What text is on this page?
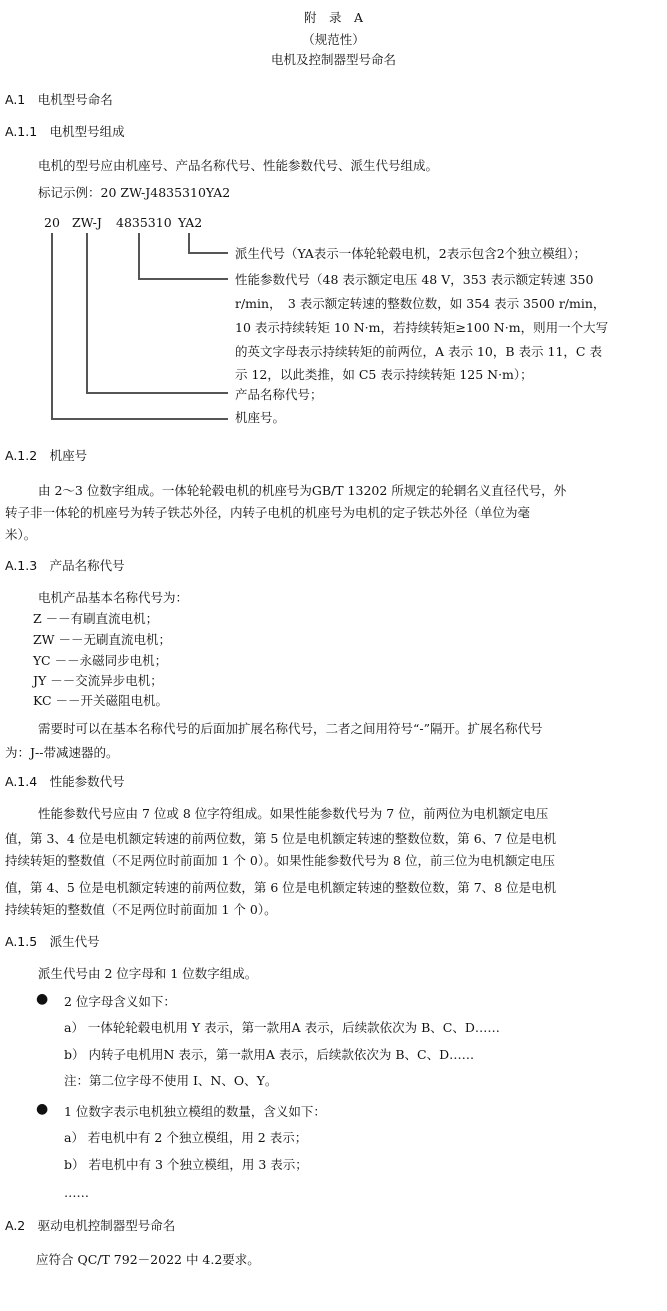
附　录　A
（规范性）
电机及控制器型号命名
A.1　电机型号命名
A.1.1　电机型号组成
电机的型号应由机座号、产品名称代号、性能参数代号、派生代号组成。
标记示例：20 ZW-J4835310YA2
20 ZW-J 4835310 YA2
派生代号（YA表示一体轮轮毂电机，2表示包含2个独立模组）；
性能参数代号（48 表示额定电压 48 V，353 表示额定转速 350
r/min，　3 表示额定转速的整数位数，如 354 表示 3500 r/min，
10 表示持续转矩 10 N·m，若持续转矩≥100 N·m，则用一个大写
的英文字母表示持续转矩的前两位，A 表示 10，B 表示 11，C 表
示 12，以此类推，如 C5 表示持续转矩 125 N·m）；
产品名称代号；
机座号。
A.1.2　机座号
由 2～3 位数字组成。一体轮轮毂电机的机座号为GB/T 13202 所规定的轮辋名义直径代号，外
转子非一体轮的机座号为转子铁芯外径，内转子电机的机座号为电机的定子铁芯外径（单位为毫
米）。
A.1.3　产品名称代号
电机产品基本名称代号为：
Z －－有刷直流电机；
ZW －－无刷直流电机；
YC －－永磁同步电机；
JY －－交流异步电机；
KC －－开关磁阻电机。
需要时可以在基本名称代号的后面加扩展名称代号，二者之间用符号“-”隔开。扩展名称代号
为：J--带减速器的。
A.1.4　性能参数代号
性能参数代号应由 7 位或 8 位字符组成。如果性能参数代号为 7 位，前两位为电机额定电压
值，第 3、4 位是电机额定转速的前两位数，第 5 位是电机额定转速的整数位数，第 6、7 位是电机
持续转矩的整数值（不足两位时前面加 1 个 0）。如果性能参数代号为 8 位，前三位为电机额定电压
值，第 4、5 位是电机额定转速的前两位数，第 6 位是电机额定转速的整数位数，第 7、8 位是电机
持续转矩的整数值（不足两位时前面加 1 个 0）。
A.1.5　派生代号
派生代号由 2 位字母和 1 位数字组成。
● 2 位字母含义如下：
a） 一体轮轮毂电机用 Y 表示，第一款用A 表示，后续款依次为 B、C、D……
b） 内转子电机用N 表示，第一款用A 表示，后续款依次为 B、C、D……
注：第二位字母不使用 I、N、O、Y。
● 1 位数字表示电机独立模组的数量，含义如下：
a） 若电机中有 2 个独立模组，用 2 表示；
b） 若电机中有 3 个独立模组，用 3 表示；
……
A.2　驱动电机控制器型号命名
应符合 QC/T 792－2022 中 4.2要求。
